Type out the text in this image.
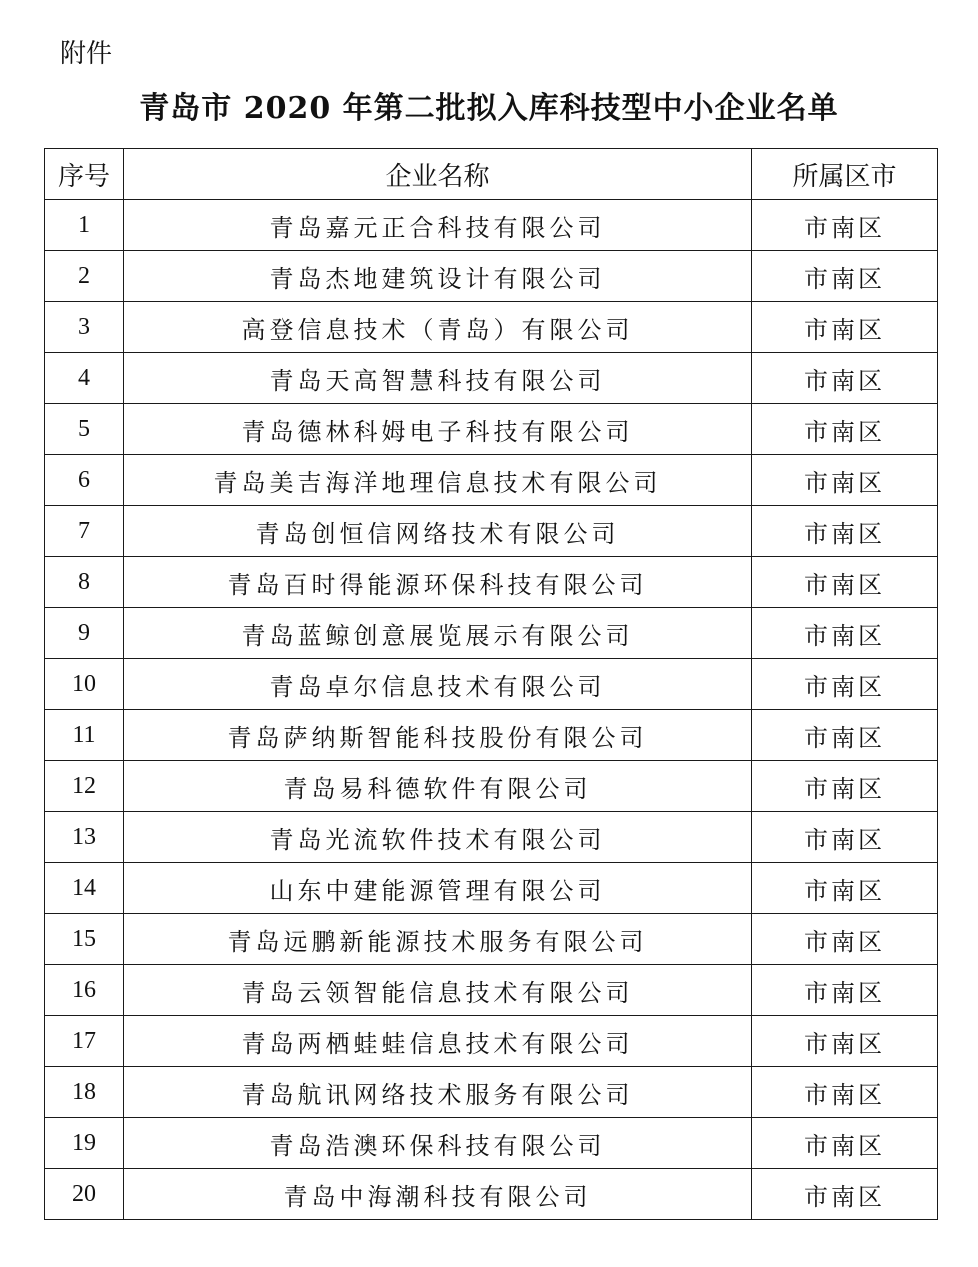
附件

青岛市 2020 年第二批拟入库科技型中小企业名单
序号	企业名称	所属区市
1	青岛嘉元正合科技有限公司	市南区
2	青岛杰地建筑设计有限公司	市南区
3	高登信息技术（青岛）有限公司	市南区
4	青岛天高智慧科技有限公司	市南区
5	青岛德林科姆电子科技有限公司	市南区
6	青岛美吉海洋地理信息技术有限公司	市南区
7	青岛创恒信网络技术有限公司	市南区
8	青岛百时得能源环保科技有限公司	市南区
9	青岛蓝鲸创意展览展示有限公司	市南区
10	青岛卓尔信息技术有限公司	市南区
11	青岛萨纳斯智能科技股份有限公司	市南区
12	青岛易科德软件有限公司	市南区
13	青岛光流软件技术有限公司	市南区
14	山东中建能源管理有限公司	市南区
15	青岛远鹏新能源技术服务有限公司	市南区
16	青岛云领智能信息技术有限公司	市南区
17	青岛两栖蛙蛙信息技术有限公司	市南区
18	青岛航讯网络技术服务有限公司	市南区
19	青岛浩澳环保科技有限公司	市南区
20	青岛中海潮科技有限公司	市南区
